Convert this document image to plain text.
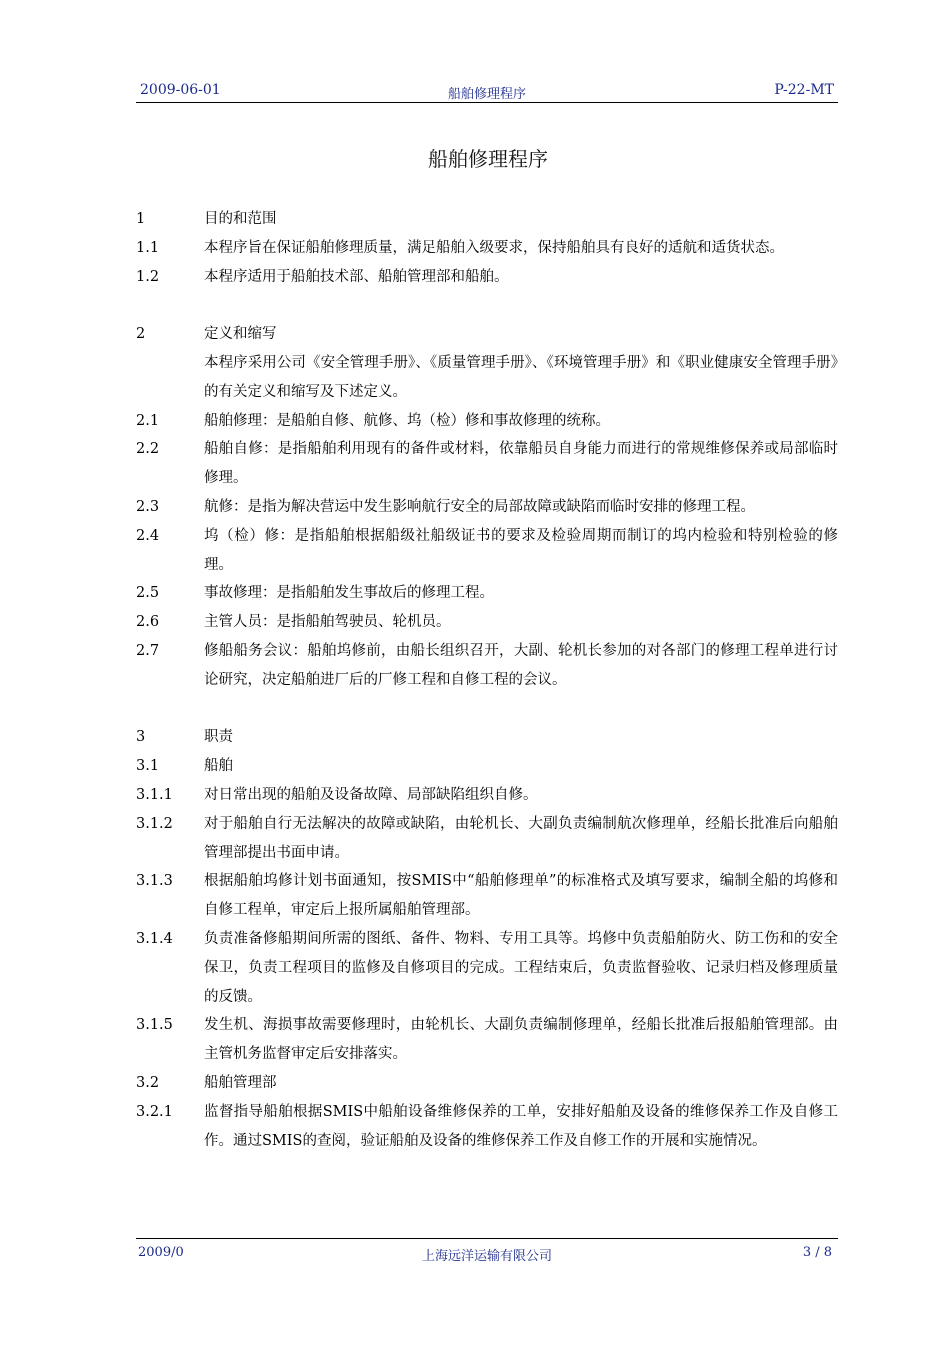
2009-06-01	船舶修理程序	P-22-MT
船舶修理程序
1	目的和范围
1.1	本程序旨在保证船舶修理质量，满足船舶入级要求，保持船舶具有良好的适航和适货状态。
1.2	本程序适用于船舶技术部、船舶管理部和船舶。
2	定义和缩写
本程序采用公司《安全管理手册》、《质量管理手册》、《环境管理手册》和《职业健康安全管理手册》的有关定义和缩写及下述定义。
2.1	船舶修理：是船舶自修、航修、坞（检）修和事故修理的统称。
2.2	船舶自修：是指船舶利用现有的备件或材料，依靠船员自身能力而进行的常规维修保养或局部临时修理。
2.3	航修：是指为解决营运中发生影响航行安全的局部故障或缺陷而临时安排的修理工程。
2.4	坞（检）修：是指船舶根据船级社船级证书的要求及检验周期而制订的坞内检验和特别检验的修理。
2.5	事故修理：是指船舶发生事故后的修理工程。
2.6	主管人员：是指船舶驾驶员、轮机员。
2.7	修船船务会议：船舶坞修前，由船长组织召开，大副、轮机长参加的对各部门的修理工程单进行讨论研究，决定船舶进厂后的厂修工程和自修工程的会议。
3	职责
3.1	船舶
3.1.1	对日常出现的船舶及设备故障、局部缺陷组织自修。
3.1.2	对于船舶自行无法解决的故障或缺陷，由轮机长、大副负责编制航次修理单，经船长批准后向船舶管理部提出书面申请。
3.1.3	根据船舶坞修计划书面通知，按SMIS中“船舶修理单”的标准格式及填写要求，编制全船的坞修和自修工程单，审定后上报所属船舶管理部。
3.1.4	负责准备修船期间所需的图纸、备件、物料、专用工具等。坞修中负责船舶防火、防工伤和的安全保卫，负责工程项目的监修及自修项目的完成。工程结束后，负责监督验收、记录归档及修理质量的反馈。
3.1.5	发生机、海损事故需要修理时，由轮机长、大副负责编制修理单，经船长批准后报船舶管理部。由主管机务监督审定后安排落实。
3.2	船舶管理部
3.2.1	监督指导船舶根据SMIS中船舶设备维修保养的工单，安排好船舶及设备的维修保养工作及自修工作。通过SMIS的查阅，验证船舶及设备的维修保养工作及自修工作的开展和实施情况。
2009/0	上海远洋运输有限公司	3 / 8
